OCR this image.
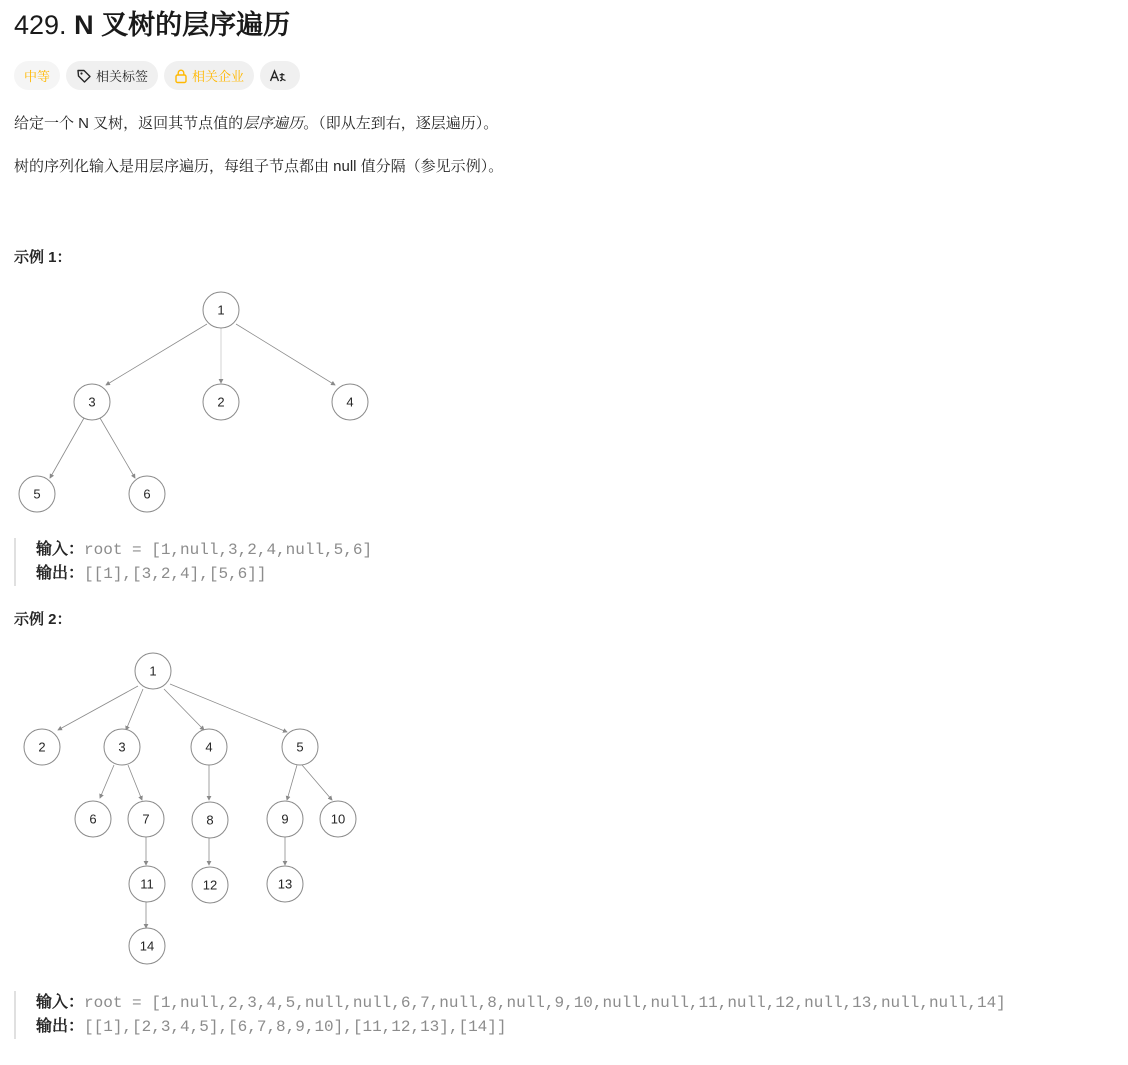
429. N 叉树的层序遍历
中等	相关标签	相关企业
给定一个 N 叉树，返回其节点值的层序遍历。（即从左到右，逐层遍历）。
树的序列化输入是用层序遍历，每组子节点都由 null 值分隔（参见示例）。
示例 1：
1
3	2	4
5	6
输入：root = [1,null,3,2,4,null,5,6]
输出：[[1],[3,2,4],[5,6]]
示例 2：
1
2	3	4	5
6	7	8	9	10
11	12	13
14
输入：root = [1,null,2,3,4,5,null,null,6,7,null,8,null,9,10,null,null,11,null,12,null,13,null,null,14]
输出：[[1],[2,3,4,5],[6,7,8,9,10],[11,12,13],[14]]
